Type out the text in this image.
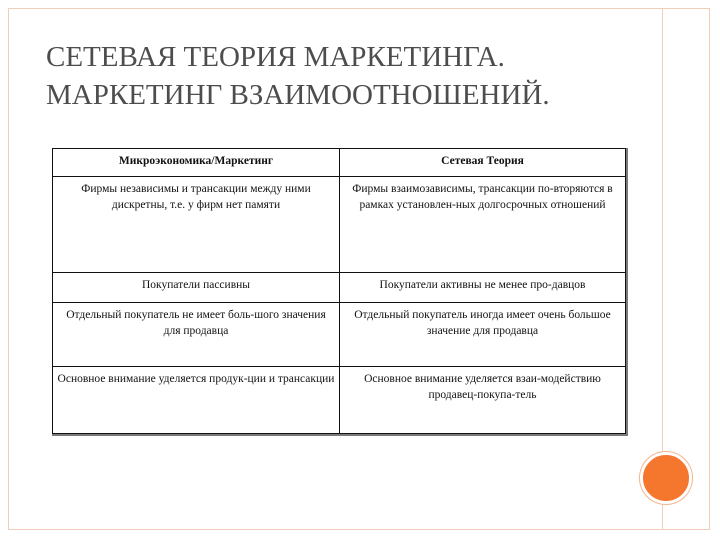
СЕТЕВАЯ ТЕОРИЯ МАРКЕТИНГА.
МАРКЕТИНГ ВЗАИМООТНОШЕНИЙ.
Микроэкономика/Маркетинг	Сетевая Теория
Фирмы независимы и трансакции между ними дискретны, т.е. у фирм нет памяти	Фирмы взаимозависимы, трансакции по-вторяются в рамках установлен-ных долгосрочных отношений
Покупатели пассивны	Покупатели активны не менее про-давцов
Отдельный покупатель не имеет боль-шого значения для продавца	Отдельный покупатель иногда имеет очень большое значение для продавца
Основное внимание уделяется продук-ции и трансакции	Основное внимание уделяется взаи-модействию продавец-покупа-тель
